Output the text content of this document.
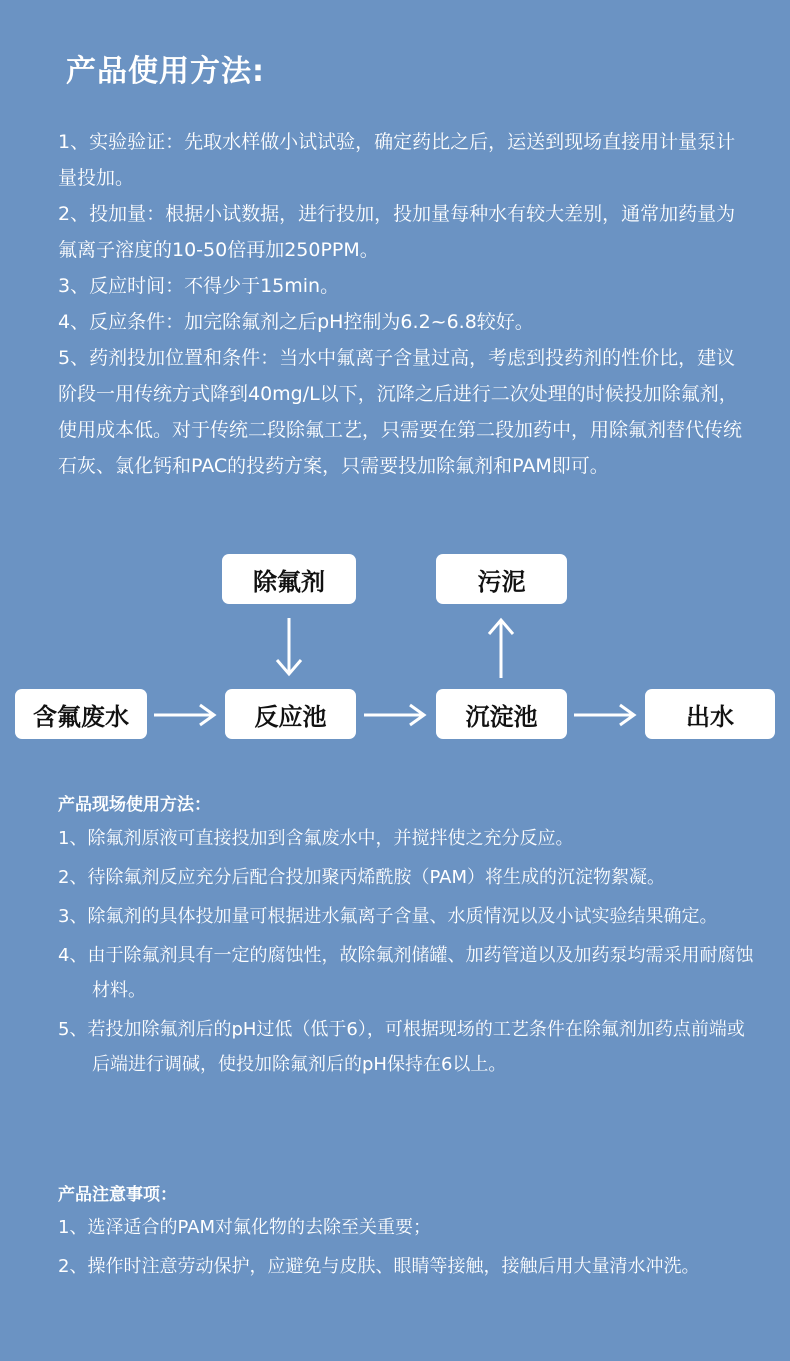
产品使用方法:

1、实验验证：先取水样做小试试验，确定药比之后，运送到现场直接用计量泵计量投加。

2、投加量：根据小试数据，进行投加，投加量每种水有较大差别，通常加药量为氟离子溶度的10-50倍再加250PPM。

3、反应时间：不得少于15min。

4、反应条件：加完除氟剂之后pH控制为6.2~6.8较好。

5、药剂投加位置和条件：当水中氟离子含量过高，考虑到投药剂的性价比，建议阶段一用传统方式降到40mg/L以下，沉降之后进行二次处理的时候投加除氟剂，使用成本低。对于传统二段除氟工艺，只需要在第二段加药中，用除氟剂替代传统石灰、氯化钙和PAC的投药方案，只需要投加除氟剂和PAM即可。

除氟剂	污泥
含氟废水	反应池	沉淀池	出水
产品现场使用方法：
1、除氟剂原液可直接投加到含氟废水中，并搅拌使之充分反应。
2、待除氟剂反应充分后配合投加聚丙烯酰胺（PAM）将生成的沉淀物絮凝。
3、除氟剂的具体投加量可根据进水氟离子含量、水质情况以及小试实验结果确定。
4、由于除氟剂具有一定的腐蚀性，故除氟剂储罐、加药管道以及加药泵均需采用耐腐蚀材料。
5、若投加除氟剂后的pH过低（低于6），可根据现场的工艺条件在除氟剂加药点前端或后端进行调碱，使投加除氟剂后的pH保持在6以上。
产品注意事项：
1、选泽适合的PAM对氟化物的去除至关重要；
2、操作时注意劳动保护，应避免与皮肤、眼睛等接触，接触后用大量清水冲洗。
